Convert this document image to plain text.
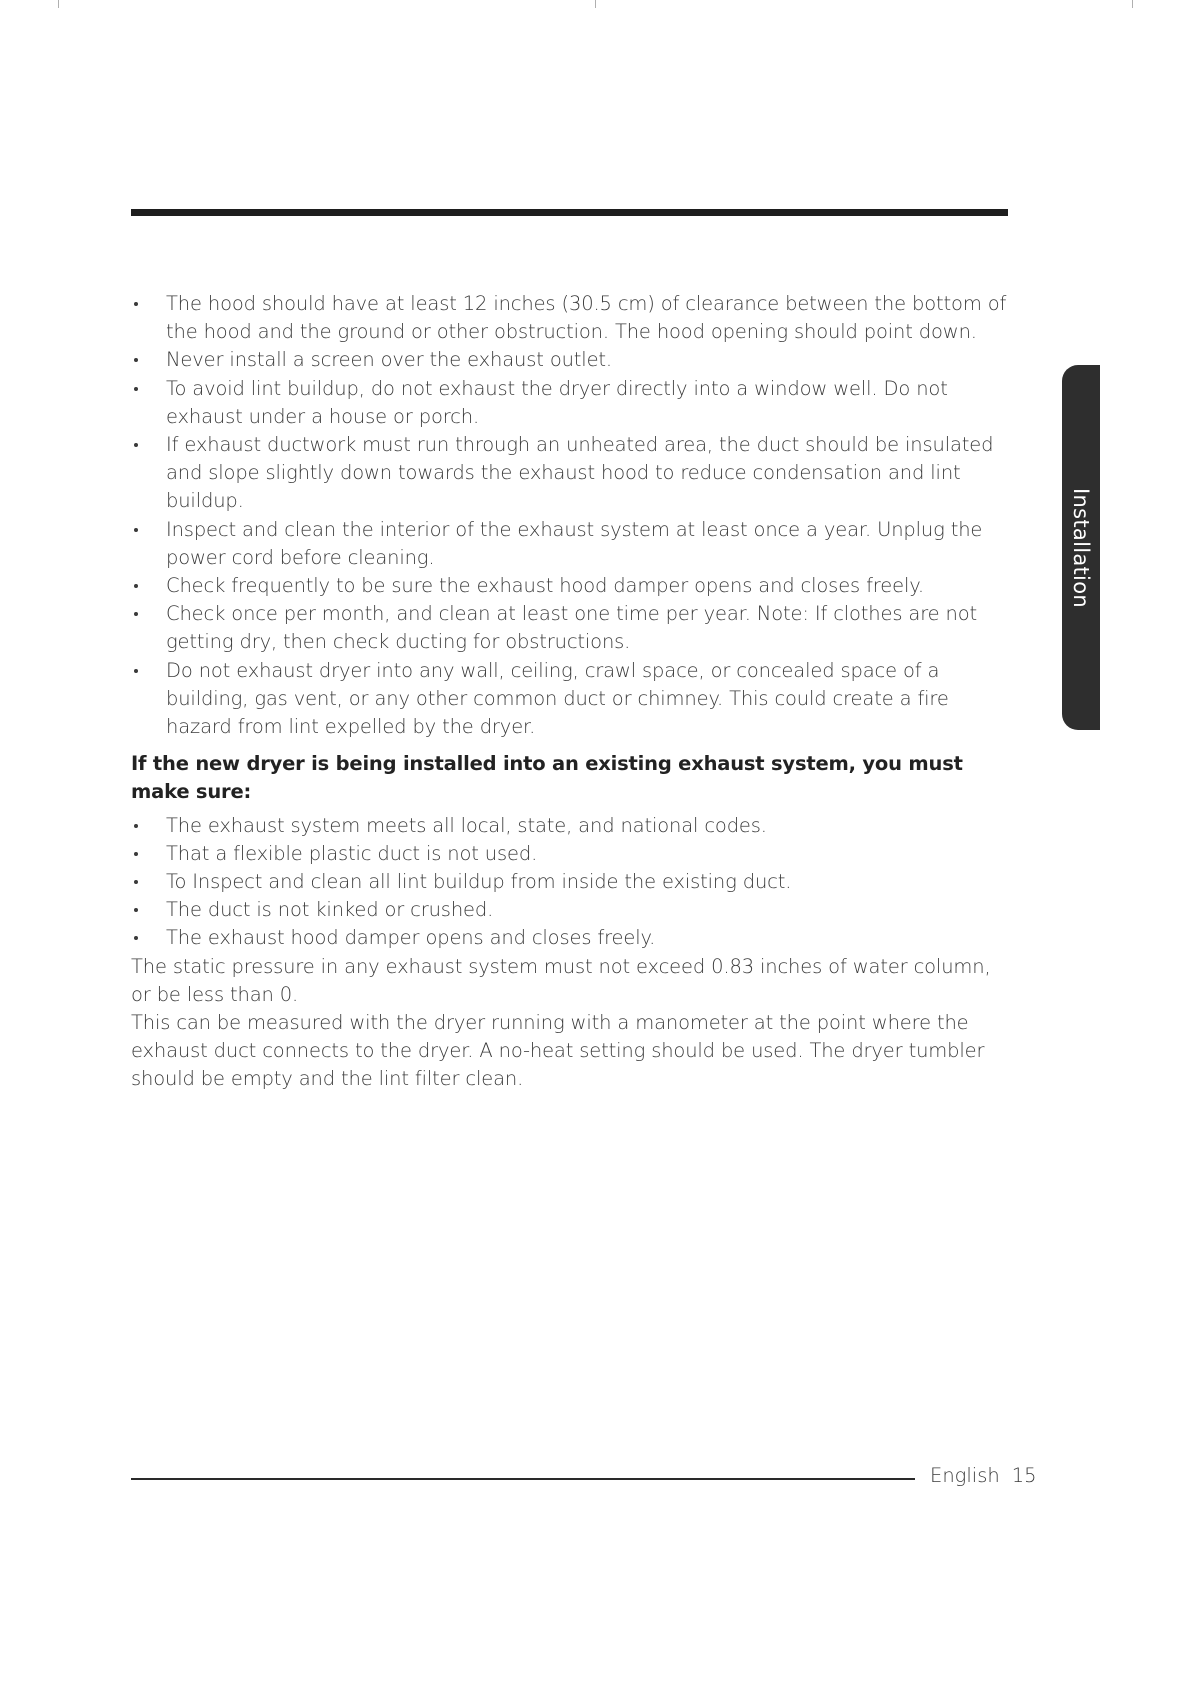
The hood should have at least 12 inches (30.5 cm) of clearance between the bottom of the hood and the ground or other obstruction. The hood opening should point down.
Never install a screen over the exhaust outlet.
To avoid lint buildup, do not exhaust the dryer directly into a window well. Do not exhaust under a house or porch.
If exhaust ductwork must run through an unheated area, the duct should be insulated and slope slightly down towards the exhaust hood to reduce condensation and lint buildup.
Inspect and clean the interior of the exhaust system at least once a year. Unplug the power cord before cleaning.
Check frequently to be sure the exhaust hood damper opens and closes freely.
Check once per month, and clean at least one time per year. Note: If clothes are not getting dry, then check ducting for obstructions.
Do not exhaust dryer into any wall, ceiling, crawl space, or concealed space of a building, gas vent, or any other common duct or chimney. This could create a fire hazard from lint expelled by the dryer.
If the new dryer is being installed into an existing exhaust system, you must make sure:
The exhaust system meets all local, state, and national codes.
That a flexible plastic duct is not used.
To Inspect and clean all lint buildup from inside the existing duct.
The duct is not kinked or crushed.
The exhaust hood damper opens and closes freely.

The static pressure in any exhaust system must not exceed 0.83 inches of water column, or be less than 0.

This can be measured with the dryer running with a manometer at the point where the exhaust duct connects to the dryer. A no-heat setting should be used. The dryer tumbler should be empty and the lint filter clean.

Installation
English 15
